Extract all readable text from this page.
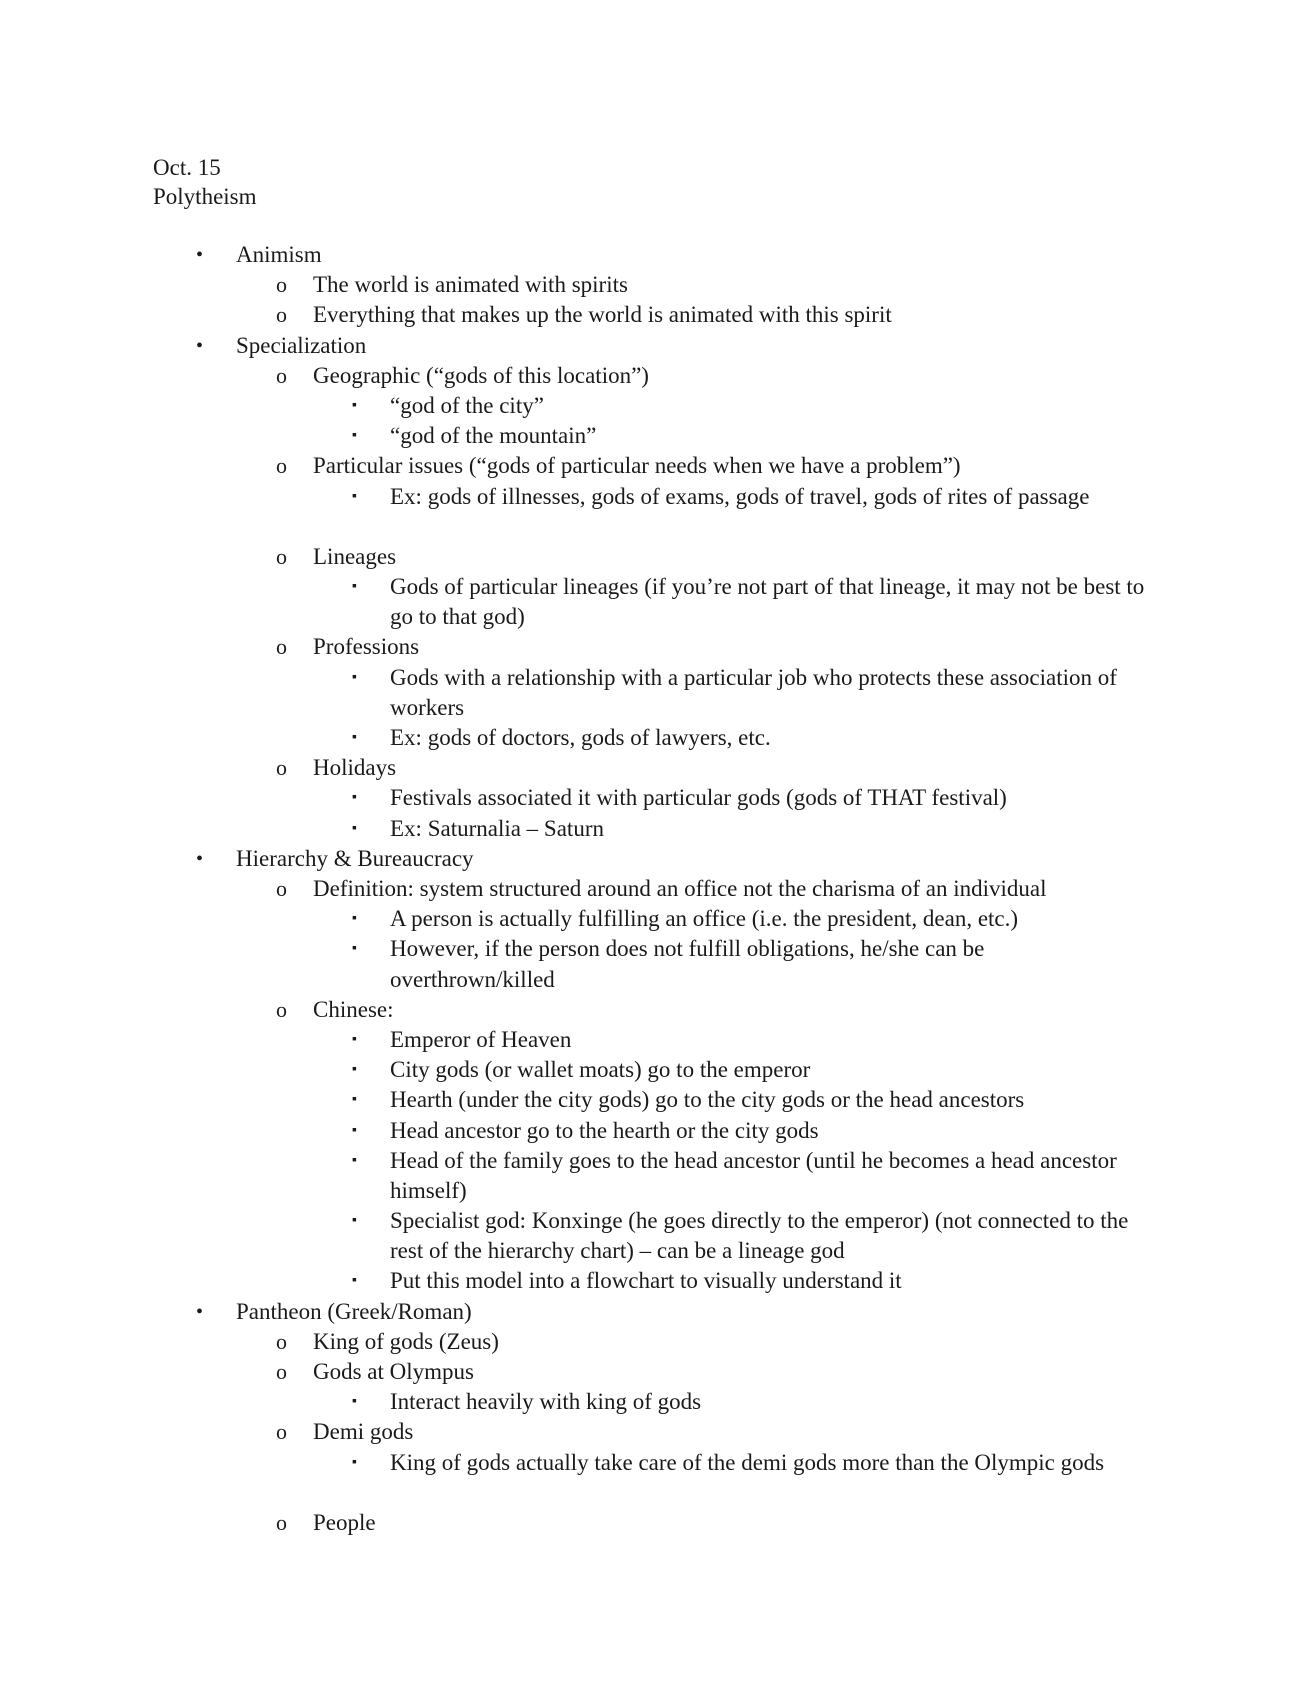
Oct. 15
Polytheism
• Animism
o The world is animated with spirits
o Everything that makes up the world is animated with this spirit
• Specialization
o Geographic (“gods of this location”)
▪ “god of the city”
▪ “god of the mountain”
o Particular issues (“gods of particular needs when we have a problem”)
▪ Ex: gods of illnesses, gods of exams, gods of travel, gods of rites of passage
o Lineages
▪ Gods of particular lineages (if you’re not part of that lineage, it may not be best to go to that god)
o Professions
▪ Gods with a relationship with a particular job who protects these association of workers
▪ Ex: gods of doctors, gods of lawyers, etc.
o Holidays
▪ Festivals associated it with particular gods (gods of THAT festival)
▪ Ex: Saturnalia – Saturn
• Hierarchy & Bureaucracy
o Definition: system structured around an office not the charisma of an individual
▪ A person is actually fulfilling an office (i.e. the president, dean, etc.)
▪ However, if the person does not fulfill obligations, he/she can be overthrown/killed
o Chinese:
▪ Emperor of Heaven
▪ City gods (or wallet moats) go to the emperor
▪ Hearth (under the city gods) go to the city gods or the head ancestors
▪ Head ancestor go to the hearth or the city gods
▪ Head of the family goes to the head ancestor (until he becomes a head ancestor himself)
▪ Specialist god: Konxinge (he goes directly to the emperor) (not connected to the rest of the hierarchy chart) – can be a lineage god
▪ Put this model into a flowchart to visually understand it
• Pantheon (Greek/Roman)
o King of gods (Zeus)
o Gods at Olympus
▪ Interact heavily with king of gods
o Demi gods
▪ King of gods actually take care of the demi gods more than the Olympic gods
o People
